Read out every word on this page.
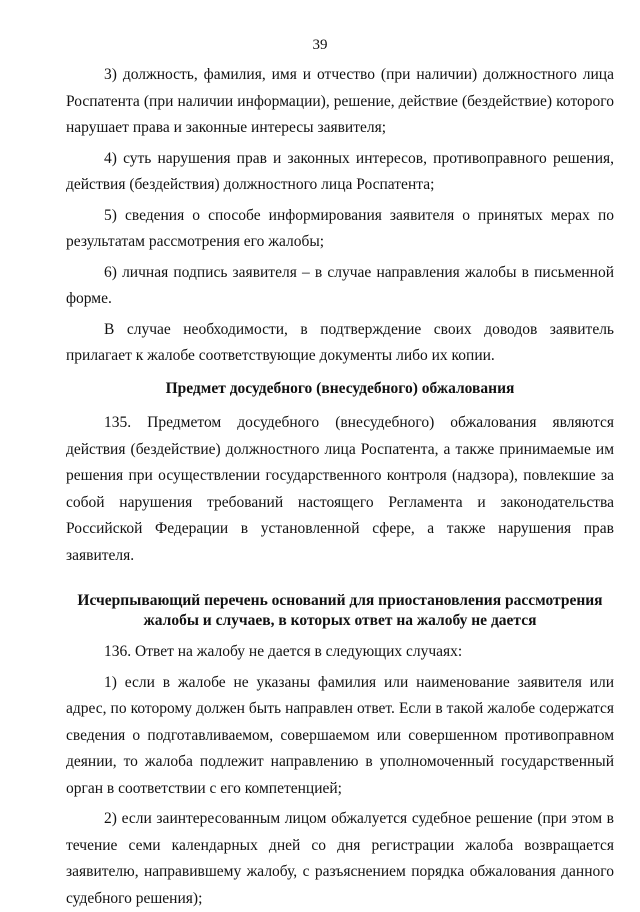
39

3) должность, фамилия, имя и отчество (при наличии) должностного лица Роспатента (при наличии информации), решение, действие (бездействие) которого нарушает права и законные интересы заявителя;

4) суть нарушения прав и законных интересов, противоправного решения, действия (бездействия) должностного лица Роспатента;

5) сведения о способе информирования заявителя о принятых мерах по результатам рассмотрения его жалобы;

6) личная подпись заявителя – в случае направления жалобы в письменной форме.

В случае необходимости, в подтверждение своих доводов заявитель прилагает к жалобе соответствующие документы либо их копии.

Предмет досудебного (внесудебного) обжалования

135. Предметом досудебного (внесудебного) обжалования являются действия (бездействие) должностного лица Роспатента, а также принимаемые им решения при осуществлении государственного контроля (надзора), повлекшие за собой нарушения требований настоящего Регламента и законодательства Российской Федерации в установленной сфере, а также нарушения прав заявителя.

Исчерпывающий перечень оснований для приостановления рассмотрения жалобы и случаев, в которых ответ на жалобу не дается

136. Ответ на жалобу не дается в следующих случаях:

1) если в жалобе не указаны фамилия или наименование заявителя или адрес, по которому должен быть направлен ответ. Если в такой жалобе содержатся сведения о подготавливаемом, совершаемом или совершенном противоправном деянии, то жалоба подлежит направлению в уполномоченный государственный орган в соответствии с его компетенцией;

2) если заинтересованным лицом обжалуется судебное решение (при этом в течение семи календарных дней со дня регистрации жалоба возвращается заявителю, направившему жалобу, с разъяснением порядка обжалования данного судебного решения);
